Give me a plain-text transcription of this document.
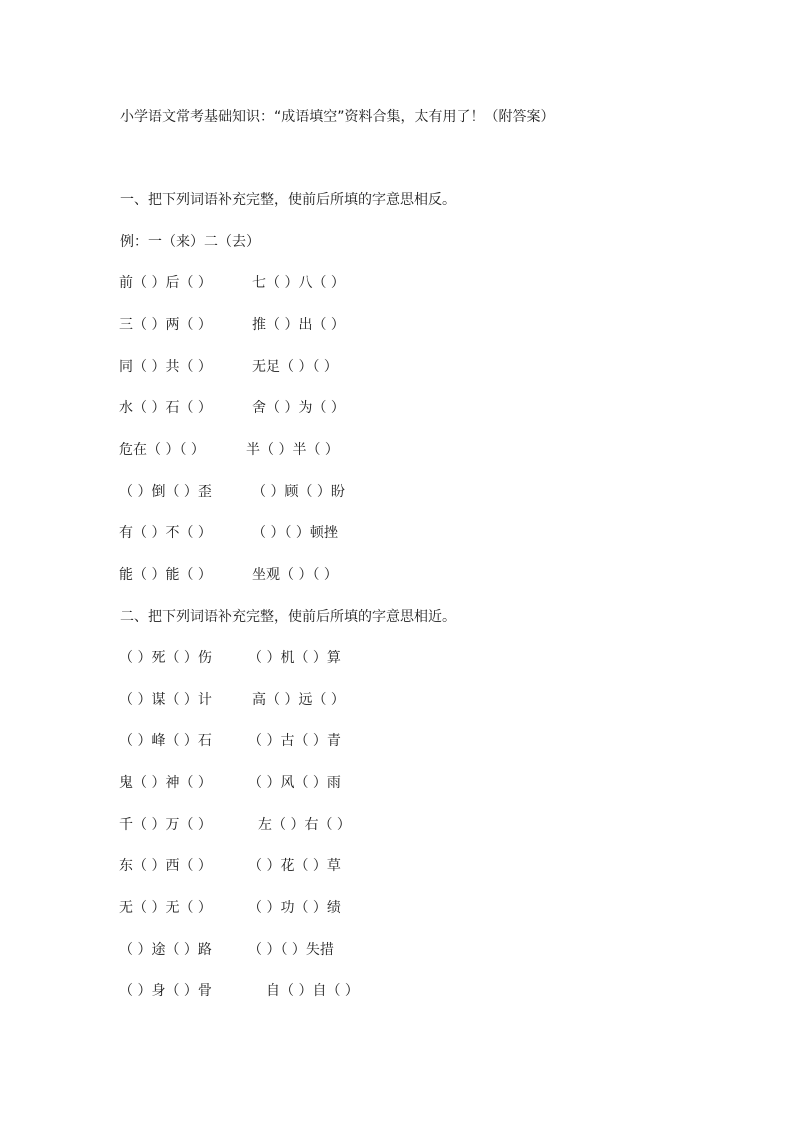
小学语文常考基础知识：“成语填空”资料合集，太有用了！（附答案）
一、把下列词语补充完整，使前后所填的字意思相反。
例：一（来）二（去）
前（ ）后（ ）	七（ ）八（ ）
三（ ）两（ ）	推（ ）出（ ）
同（ ）共（ ）	无足（ ）（ ）
水（ ）石（ ）	舍（ ）为（ ）
危在（ ）（ ）	半（ ）半（ ）
（ ）倒（ ）歪	（ ）顾（ ）盼
有（ ）不（ ）	（ ）（ ）顿挫
能（ ）能（ ）	坐观（ ）（ ）
二、把下列词语补充完整，使前后所填的字意思相近。
（ ）死（ ）伤	（ ）机（ ）算
（ ）谋（ ）计	高（ ）远（ ）
（ ）峰（ ）石	（ ）古（ ）青
鬼（ ）神（ ）	（ ）风（ ）雨
千（ ）万（ ）	左（ ）右（ ）
东（ ）西（ ）	（ ）花（ ）草
无（ ）无（ ）	（ ）功（ ）绩
（ ）途（ ）路	（ ）（ ）失措
（ ）身（ ）骨	自（ ）自（ ）
